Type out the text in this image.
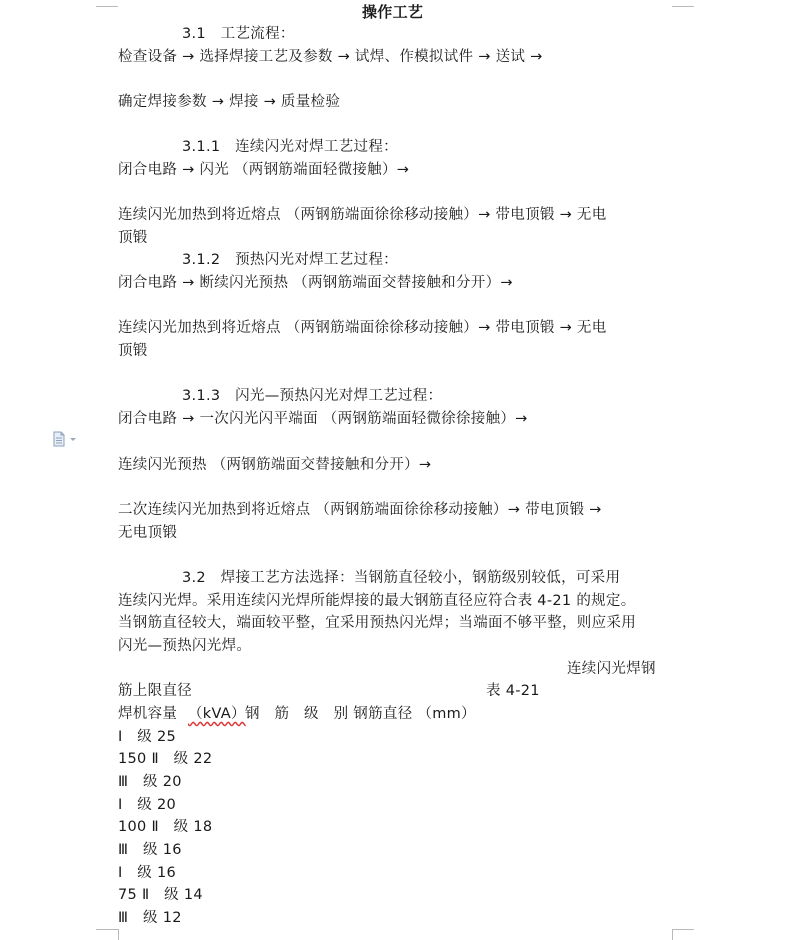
操作工艺
3.1   工艺流程：
检查设备 → 选择焊接工艺及参数 → 试焊、作模拟试件 → 送试 →
确定焊接参数 → 焊接 → 质量检验
3.1.1   连续闪光对焊工艺过程：
闭合电路 → 闪光 （两钢筋端面轻微接触）→
连续闪光加热到将近熔点 （两钢筋端面徐徐移动接触）→ 带电顶锻 → 无电
顶锻
3.1.2   预热闪光对焊工艺过程：
闭合电路 → 断续闪光预热 （两钢筋端面交替接触和分开）→
连续闪光加热到将近熔点 （两钢筋端面徐徐移动接触）→ 带电顶锻 → 无电
顶锻
3.1.3   闪光—预热闪光对焊工艺过程：
闭合电路 → 一次闪光闪平端面 （两钢筋端面轻微徐徐接触）→
连续闪光预热 （两钢筋端面交替接触和分开）→
二次连续闪光加热到将近熔点 （两钢筋端面徐徐移动接触）→ 带电顶锻 →
无电顶锻
3.2   焊接工艺方法选择：当钢筋直径较小，钢筋级别较低，可采用
连续闪光焊。采用连续闪光焊所能焊接的最大钢筋直径应符合表 4-21 的规定。
当钢筋直径较大，端面较平整，宜采用预热闪光焊；当端面不够平整，则应采用
闪光—预热闪光焊。
连续闪光焊钢
筋上限直径	表 4-21
焊机容量 （kVA） 钢   筋   级   别 钢筋直径 （mm）
Ⅰ   级 25
150 Ⅱ   级 22
Ⅲ   级 20
Ⅰ   级 20
100 Ⅱ   级 18
Ⅲ   级 16
Ⅰ   级 16
75 Ⅱ   级 14
Ⅲ   级 12
